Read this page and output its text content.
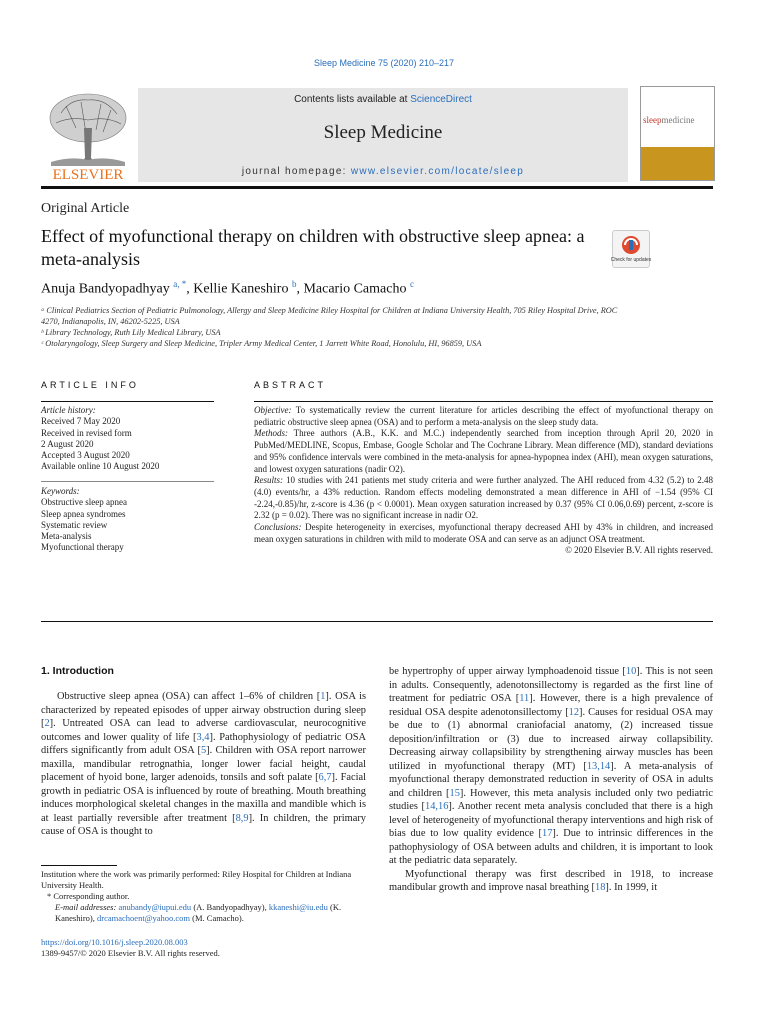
Sleep Medicine 75 (2020) 210–217
ELSEVIER
Contents lists available at ScienceDirect
Sleep Medicine
journal homepage: www.elsevier.com/locate/sleep
sleepmedicine
Original Article
Effect of myofunctional therapy on children with obstructive sleep apnea: a meta-analysis	Check for updates
Anuja Bandyopadhyay $^{a, *}$, Kellie Kaneshiro $^b$, Macario Camacho $^c$
ᵃ Clinical Pediatrics Section of Pediatric Pulmonology, Allergy and Sleep Medicine Riley Hospital for Children at Indiana University Health, 705 Riley Hospital Drive, ROC 4270, Indianapolis, IN, 46202-5225, USA
ᵇ Library Technology, Ruth Lily Medical Library, USA
ᶜ Otolaryngology, Sleep Surgery and Sleep Medicine, Tripler Army Medical Center, 1 Jarrett White Road, Honolulu, HI, 96859, USA
ARTICLE INFO
Article history:
Received 7 May 2020
Received in revised form
2 August 2020
Accepted 3 August 2020
Available online 10 August 2020
Keywords:
Obstructive sleep apnea
Sleep apnea syndromes
Systematic review
Meta-analysis
Myofunctional therapy
ABSTRACT

Objective: To systematically review the current literature for articles describing the effect of myofunctional therapy on pediatric obstructive sleep apnea (OSA) and to perform a meta-analysis on the sleep study data.

Methods: Three authors (A.B., K.K. and M.C.) independently searched from inception through April 20, 2020 in PubMed/MEDLINE, Scopus, Embase, Google Scholar and The Cochrane Library. Mean difference (MD), standard deviations and 95% confidence intervals were combined in the meta-analysis for apnea-hypopnea index (AHI), mean oxygen saturations, and lowest oxygen saturations (nadir O2).

Results: 10 studies with 241 patients met study criteria and were further analyzed. The AHI reduced from 4.32 (5.2) to 2.48 (4.0) events/hr, a 43% reduction. Random effects modeling demonstrated a mean difference in AHI of −1.54 (95% CI -2.24,-0.85)/hr, z-score is 4.36 (p < 0.0001). Mean oxygen saturation increased by 0.37 (95% CI 0.06,0.69) percent, z-score is 2.32 (p = 0.02). There was no significant increase in nadir O2.

Conclusions: Despite heterogeneity in exercises, myofunctional therapy decreased AHI by 43% in children, and increased mean oxygen saturations in children with mild to moderate OSA and can serve as an adjunct OSA treatment.

© 2020 Elsevier B.V. All rights reserved.

1. Introduction

Obstructive sleep apnea (OSA) can affect 1–6% of children [1]. OSA is characterized by repeated episodes of upper airway obstruction during sleep [2]. Untreated OSA can lead to adverse cardiovascular, neurocognitive outcomes and lower quality of life [3,4]. Pathophysiology of pediatric OSA differs significantly from adult OSA [5]. Children with OSA report narrower maxilla, mandibular retrognathia, longer lower facial height, caudal placement of hyoid bone, larger adenoids, tonsils and soft palate [6,7]. Facial growth in pediatric OSA is influenced by route of breathing. Mouth breathing induces morphological skeletal changes in the maxilla and mandible which is at least partially reversible after treatment [8,9]. In children, the primary cause of OSA is thought to

be hypertrophy of upper airway lymphoadenoid tissue [10]. This is not seen in adults. Consequently, adenotonsillectomy is regarded as the first line of treatment for pediatric OSA [11]. However, there is a high prevalence of residual OSA despite adenotonsillectomy [12]. Causes for residual OSA may be due to (1) abnormal craniofacial anatomy, (2) increased tissue deposition/infiltration or (3) due to increased airway collapsibility. Decreasing airway collapsibility by strengthening airway muscles has been utilized in myofunctional therapy (MT) [13,14]. A meta-analysis of myofunctional therapy demonstrated reduction in severity of OSA in adults and children [15]. However, this meta analysis included only two pediatric studies [14,16]. Another recent meta analysis concluded that there is a high level of heterogeneity of myofunctional therapy interventions and high risk of bias due to low quality evidence [17]. Due to intrinsic differences in the pathophysiology of OSA between adults and children, it is important to look at the pediatric data separately.

Myofunctional therapy was first described in 1918, to increase mandibular growth and improve nasal breathing [18]. In 1999, it

Institution where the work was primarily performed: Riley Hospital for Children at Indiana University Health.

* Corresponding author.

E-mail addresses: anubandy@iupui.edu (A. Bandyopadhyay), kkaneshi@iu.edu (K. Kaneshiro), drcamachoent@yahoo.com (M. Camacho).

https://doi.org/10.1016/j.sleep.2020.08.003
1389-9457/© 2020 Elsevier B.V. All rights reserved.
